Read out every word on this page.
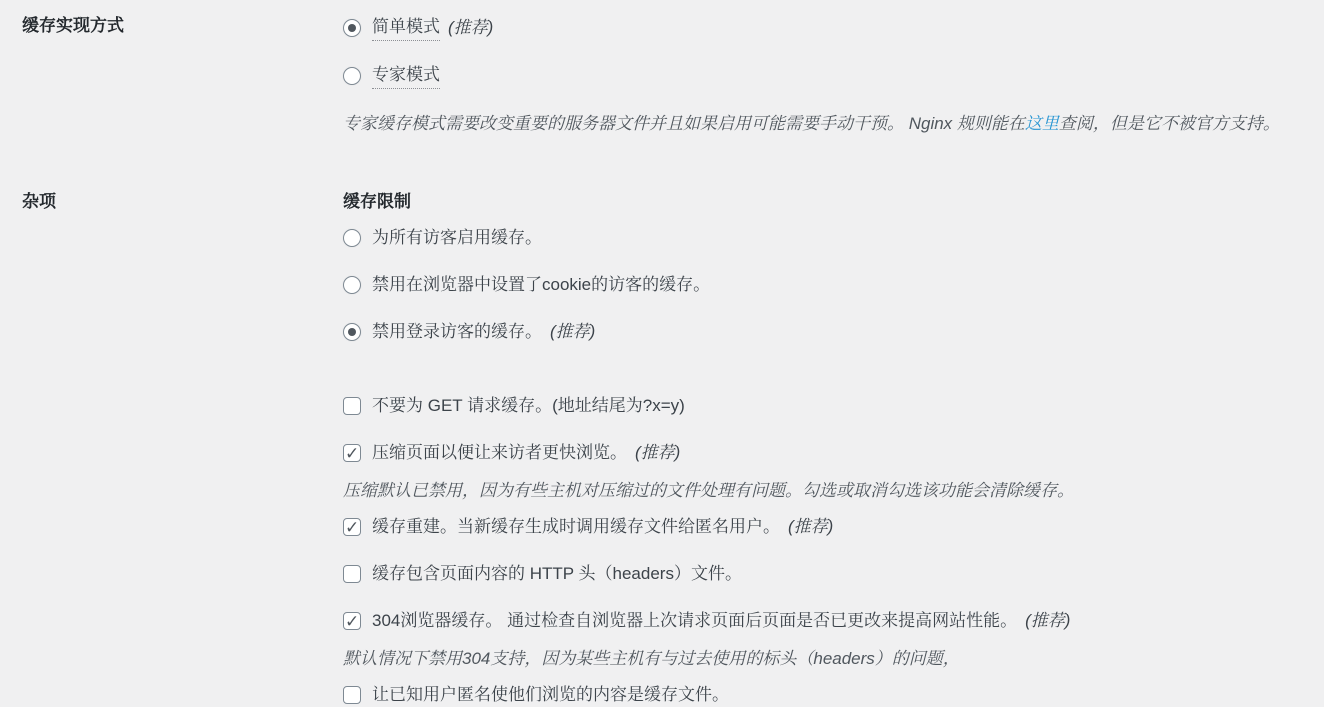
缓存实现方式	简单模式 (推荐)
专家模式
专家缓存模式需要改变重要的服务器文件并且如果启用可能需要手动干预。 Nginx 规则能在这里查阅，但是它不被官方支持。
杂项	缓存限制
为所有访客启用缓存。
禁用在浏览器中设置了cookie的访客的缓存。
禁用登录访客的缓存。 (推荐)
不要为 GET 请求缓存。(地址结尾为?x=y)
✓
压缩页面以便让来访者更快浏览。 (推荐)
压缩默认已禁用，因为有些主机对压缩过的文件处理有问题。勾选或取消勾选该功能会清除缓存。
✓
缓存重建。当新缓存生成时调用缓存文件给匿名用户。 (推荐)
缓存包含页面内容的 HTTP 头（headers）文件。
✓
304浏览器缓存。 通过检查自浏览器上次请求页面后页面是否已更改来提高网站性能。 (推荐)
默认情况下禁用304支持，因为某些主机有与过去使用的标头（headers）的问题，
让已知用户匿名使他们浏览的内容是缓存文件。
